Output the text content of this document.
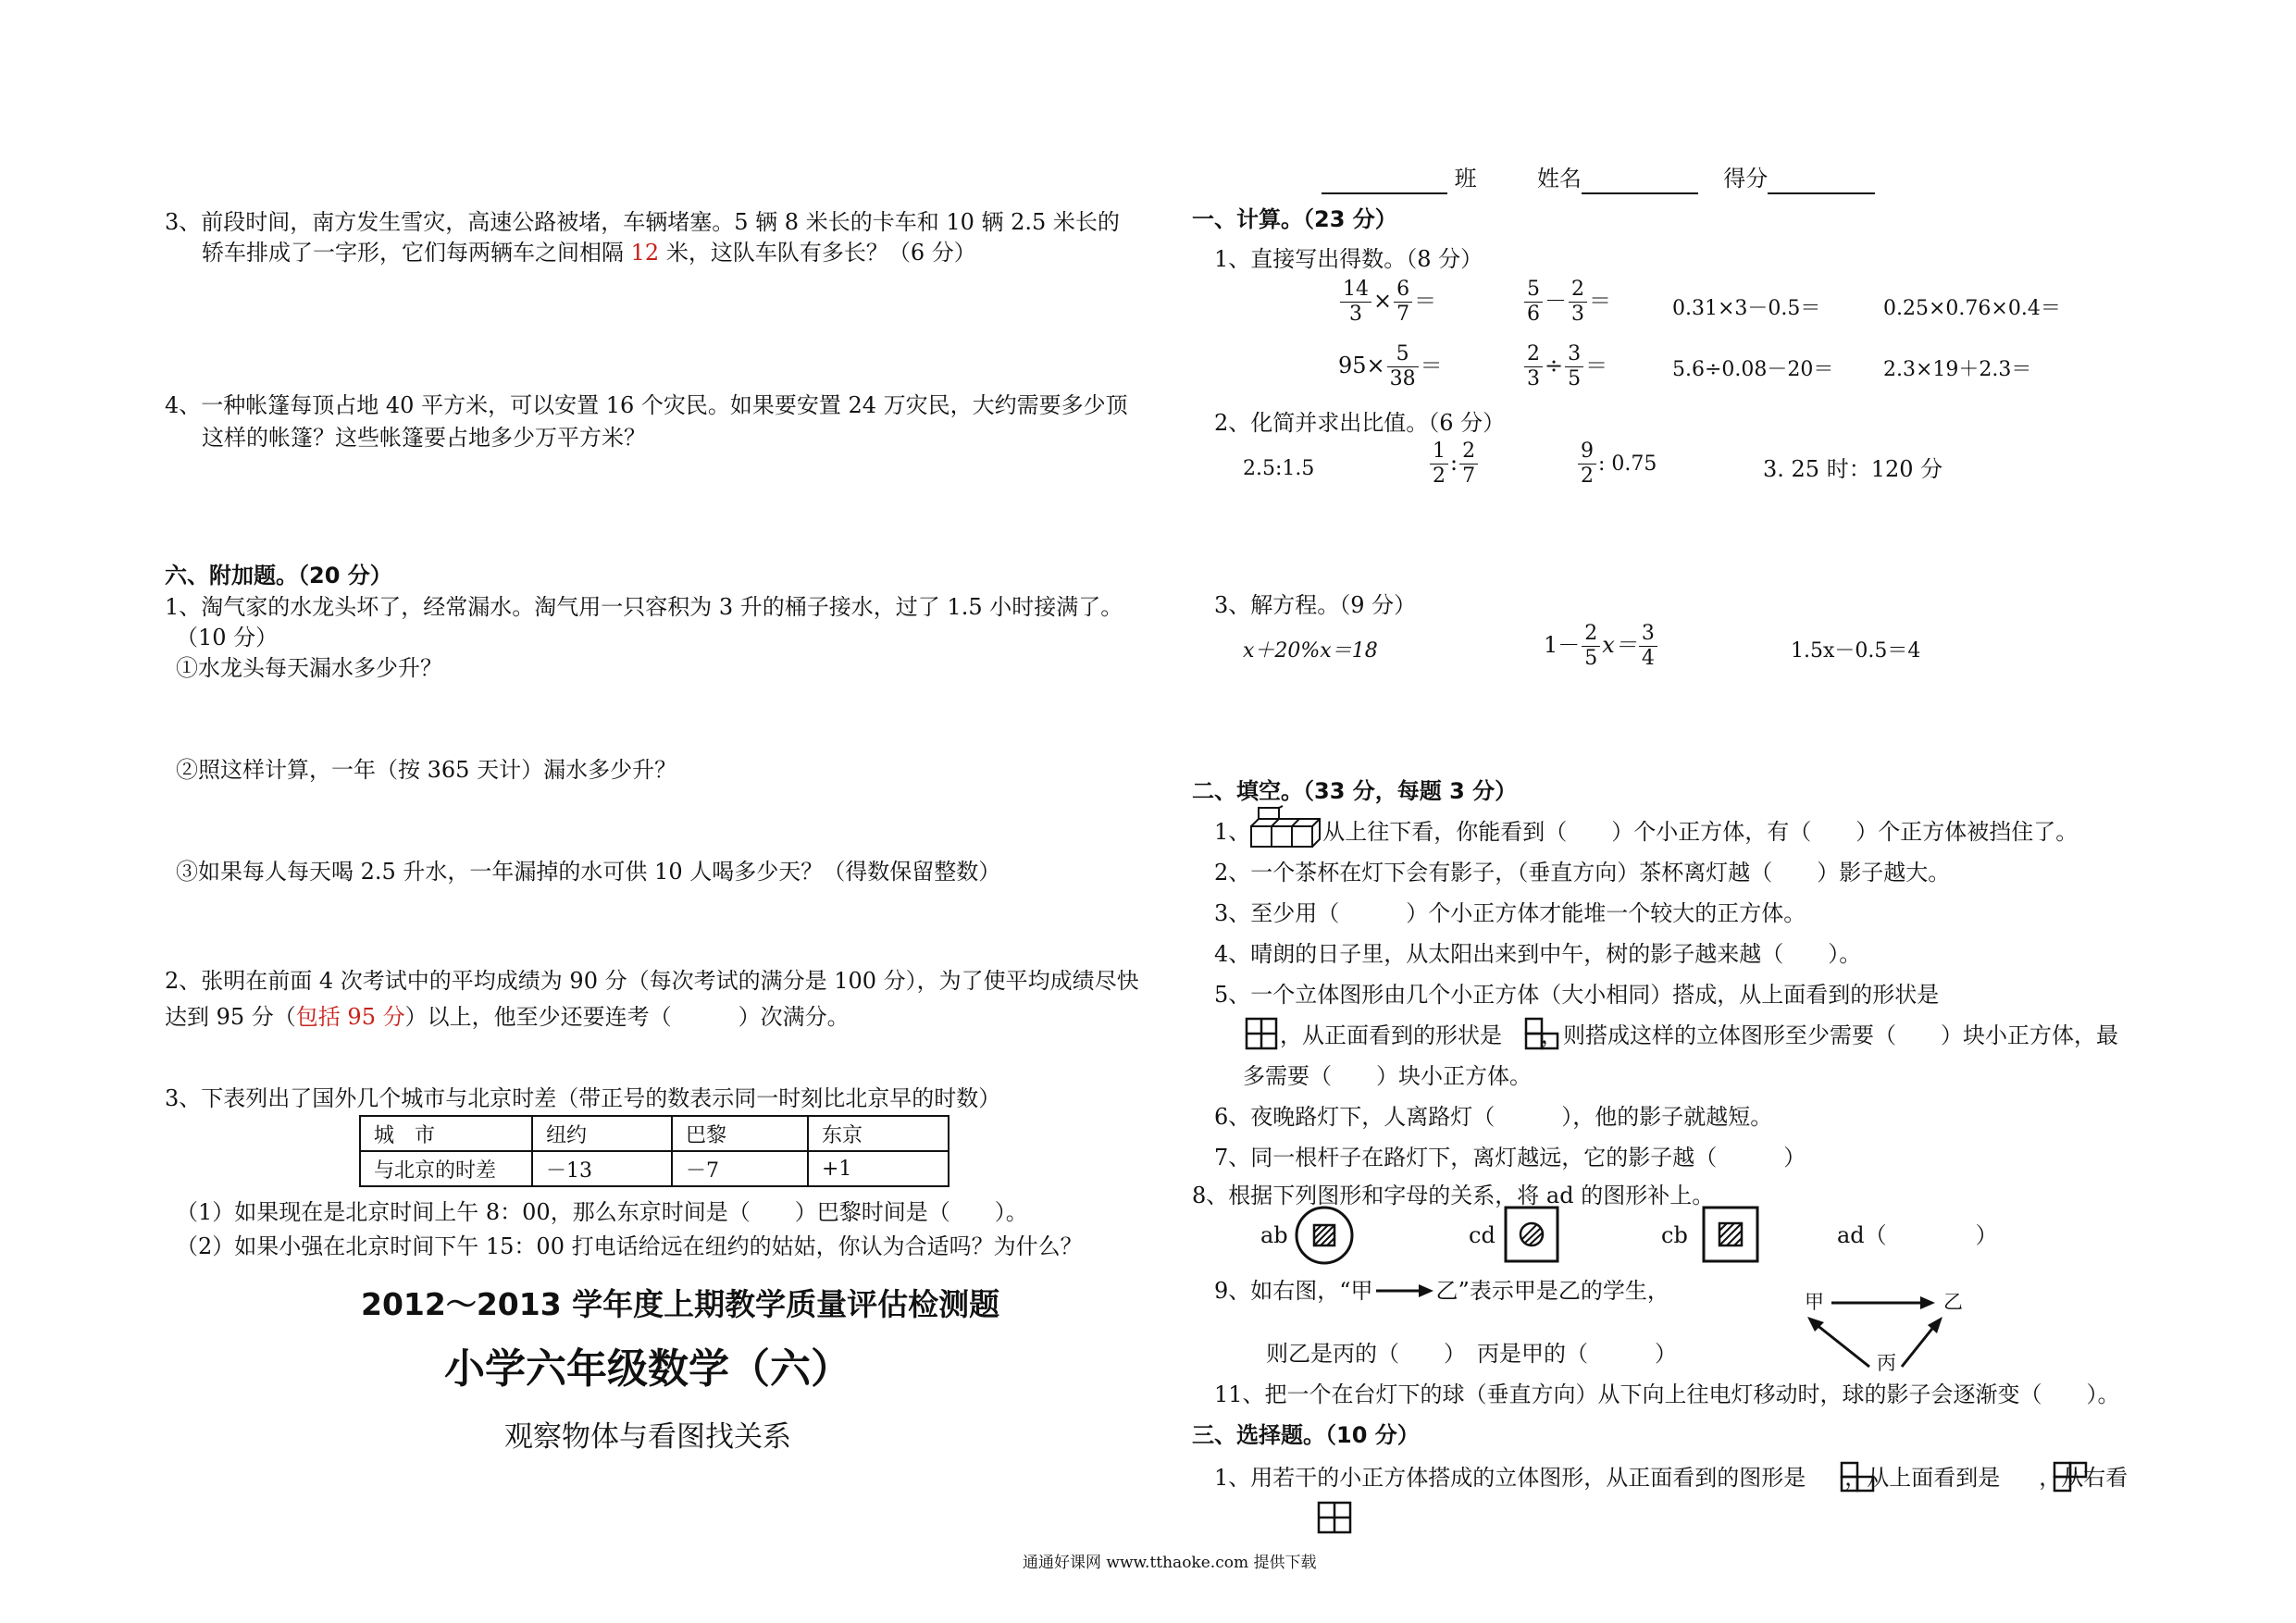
班	姓名	得分
3、前段时间，南方发生雪灾，高速公路被堵，车辆堵塞。5 辆 8 米长的卡车和 10 辆 2.5 米长的
轿车排成了一字形，它们每两辆车之间相隔 12 米，这队车队有多长？（6 分）
4、一种帐篷每顶占地 40 平方米，可以安置 16 个灾民。如果要安置 24 万灾民，大约需要多少顶
这样的帐篷？这些帐篷要占地多少万平方米？
六、附加题。（20 分）
1、淘气家的水龙头坏了，经常漏水。淘气用一只容积为 3 升的桶子接水，过了 1.5 小时接满了。
（10 分）
①水龙头每天漏水多少升？
②照这样计算，一年（按 365 天计）漏水多少升？
③如果每人每天喝 2.5 升水，一年漏掉的水可供 10 人喝多少天？（得数保留整数）
2、张明在前面 4 次考试中的平均成绩为 90 分（每次考试的满分是 100 分），为了使平均成绩尽快
达到 95 分（包括 95 分）以上，他至少还要连考（　　　）次满分。
3、下表列出了国外几个城市与北京时差（带正号的数表示同一时刻比北京早的时数）
城　市	纽约	巴黎	东京
与北京的时差	－13	－7	+1
（1）如果现在是北京时间上午 8：00，那么东京时间是（　　）巴黎时间是（　　）。
（2）如果小强在北京时间下午 15：00 打电话给远在纽约的姑姑，你认为合适吗？为什么？
2012～2013 学年度上期教学质量评估检测题
小学六年级数学（六）
观察物体与看图找关系
一、计算。（23 分）
1、直接写出得数。（8 分）
$\frac{14}{3} \times \frac{6}{7}$ ＝	$\frac{5}{6} - \frac{2}{3}$ ＝	0.31×3－0.5＝	0.25×0.76×0.4＝
$95\times \frac{5}{38}$ ＝	$\frac{2}{3} \div \frac{3}{5}$ ＝	5.6÷0.08－20＝ 2.3×19＋2.3＝
2、化简并求出比值。（6 分）
2.5:1.5	$\frac{1}{2}$ : $\frac{2}{7}$	$\frac{9}{2}$ : 0.75	3. 25 时：120 分
3、解方程。（9 分）
x＋20%x＝18	$1- \frac{2}{5} x= \frac{3}{4}$	1.5x－0.5＝4
二、填空。（33 分，每题 3 分）
1、	从上往下看，你能看到（　　）个小正方体，有（　　）个正方体被挡住了。
2、一个茶杯在灯下会有影子，（垂直方向）茶杯离灯越（　　）影子越大。
3、至少用（　　　）个小正方体才能堆一个较大的正方体。
4、晴朗的日子里，从太阳出来到中午，树的影子越来越（　　）。
5、一个立体图形由几个小正方体（大小相同）搭成，从上面看到的形状是
，从正面看到的形状是 ，则搭成这样的立体图形至少需要（　　）块小正方体，最
多需要（　　）块小正方体。
6、夜晚路灯下，人离路灯（　　　），他的影子就越短。
7、同一根杆子在路灯下，离灯越远，它的影子越（　　　）
8、根据下列图形和字母的关系，将 ad 的图形补上。
ab	cd	cb	ad（　　　　）
9、如右图，“甲	乙”表示甲是乙的学生，
则乙是丙的（　　）　丙是甲的（　　　）
甲	乙
丙
11、把一个在台灯下的球（垂直方向）从下向上往电灯移动时，球的影子会逐渐变（　　）。
三、选择题。（10 分）
1、用若干的小正方体搭成的立体图形，从正面看到的图形是 ，从上面看到是 ，从右看
通通好课网 www.tthaoke.com 提供下载
